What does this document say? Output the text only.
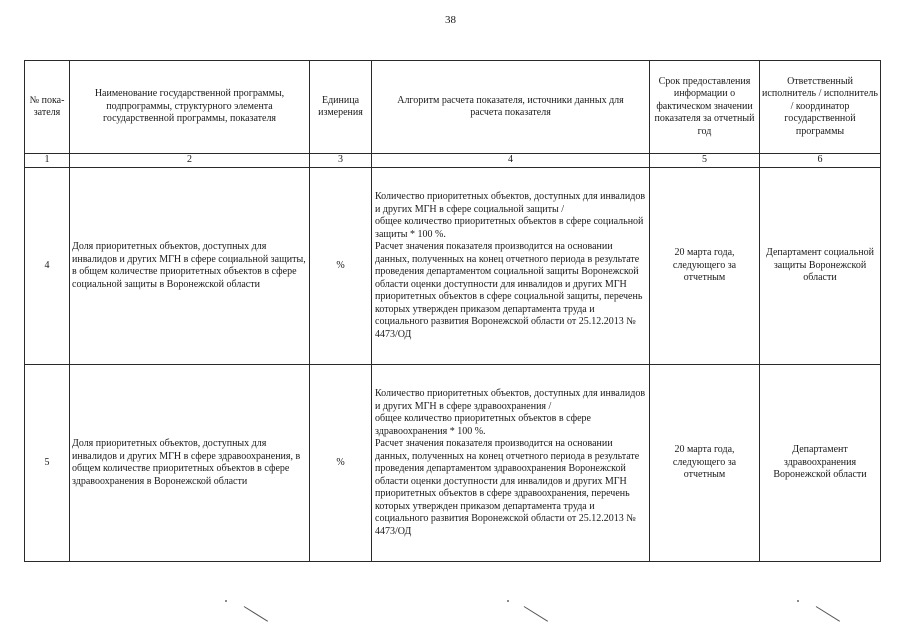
38
№ пока-
зателя	Наименование государственной программы, подпрограммы, структурного элемента государственной программы, показателя	Единица измерения	Алгоритм расчета показателя, источники данных для расчета показателя	Срок предоставления информации о фактическом значении показателя за отчетный год	Ответственный исполнитель / исполнитель / координатор государственной программы
1	2	3	4	5	6
4	Доля приоритетных объектов, доступных для инвалидов и других МГН в сфере социальной защиты, в общем количестве приоритетных объектов в сфере социальной защиты в Воронежской области	%	Количество приоритетных объектов, доступных для инвалидов и других МГН в сфере социальной защиты /
общее количество приоритетных объектов в сфере социальной защиты * 100 %.
Расчет значения показателя производится на основании данных, полученных на конец отчетного периода в результате проведения департаментом социальной защиты Воронежской области оценки доступности для инвалидов и других МГН приоритетных объектов в сфере социальной защиты, перечень которых утвержден приказом департамента труда и социального развития Воронежской области от 25.12.2013 № 4473/ОД	20 марта года, следующего за отчетным	Департамент социальной защиты Воронежской области
5	Доля приоритетных объектов, доступных для инвалидов и других МГН в сфере здравоохранения, в общем количестве приоритетных объектов в сфере здравоохранения в Воронежской области	%	Количество приоритетных объектов, доступных для инвалидов и других МГН в сфере здравоохранения /
общее количество приоритетных объектов в сфере здравоохранения * 100 %.
Расчет значения показателя производится на основании данных, полученных на конец отчетного периода в результате проведения департаментом здравоохранения Воронежской области оценки доступности для инвалидов и других МГН приоритетных объектов в сфере здравоохранения, перечень которых утвержден приказом департамента труда и социального развития Воронежской области от 25.12.2013 № 4473/ОД	20 марта года, следующего за отчетным	Департамент здравоохранения Воронежской области
